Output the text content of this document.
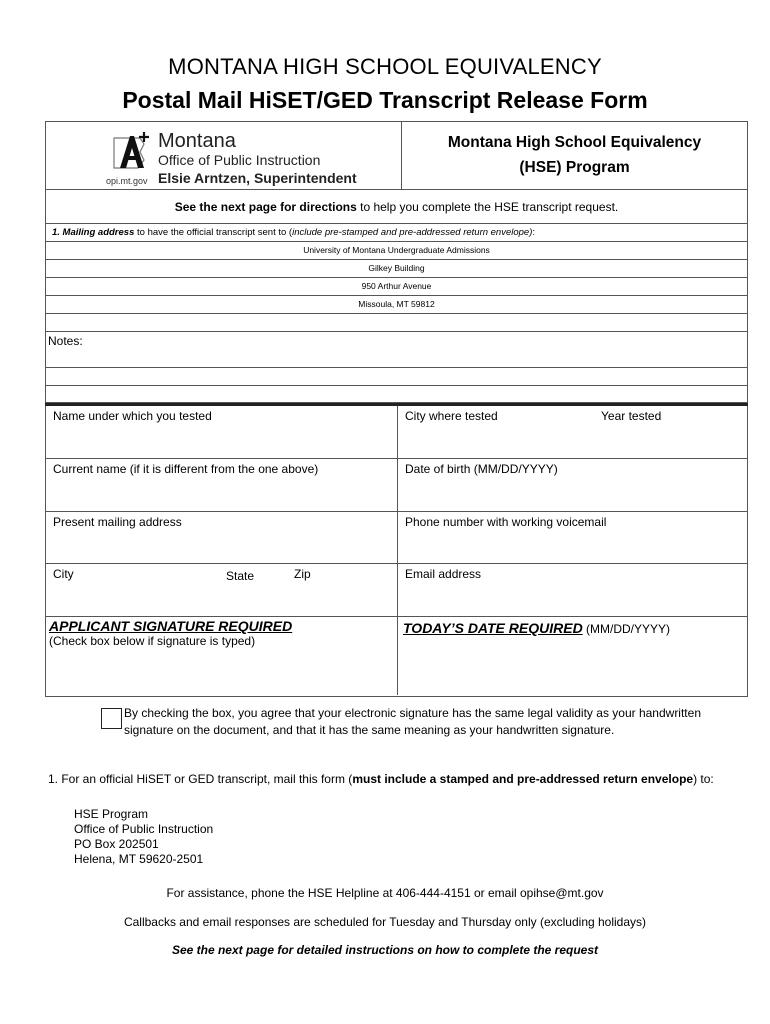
MONTANA HIGH SCHOOL EQUIVALENCY
Postal Mail HiSET/GED Transcript Release Form
opi.mt.gov
Montana
Office of Public Instruction
Elsie Arntzen, Superintendent
Montana High School Equivalency
(HSE) Program
See the next page for directions to help you complete the HSE transcript request.
1. Mailing address to have the official transcript sent to (include pre-stamped and pre-addressed return envelope):
University of Montana Undergraduate Admissions
Gilkey Building
950 Arthur Avenue
Missoula, MT 59812
Notes:
Name under which you tested	City where tested	Year tested
Current name (if it is different from the one above)	Date of birth (MM/DD/YYYY)
Present mailing address	Phone number with working voicemail
City	State	Zip	Email address
APPLICANT SIGNATURE REQUIRED
(Check box below if signature is typed)
TODAY’S DATE REQUIRED (MM/DD/YYYY)
By checking the box, you agree that your electronic signature has the same legal validity as your handwritten signature on the document, and that it has the same meaning as your handwritten signature.
1. For an official HiSET or GED transcript, mail this form (must include a stamped and pre-addressed return envelope) to:
HSE Program
Office of Public Instruction
PO Box 202501
Helena, MT 59620-2501
For assistance, phone the HSE Helpline at 406-444-4151 or email opihse@mt.gov
Callbacks and email responses are scheduled for Tuesday and Thursday only (excluding holidays)
See the next page for detailed instructions on how to complete the request
